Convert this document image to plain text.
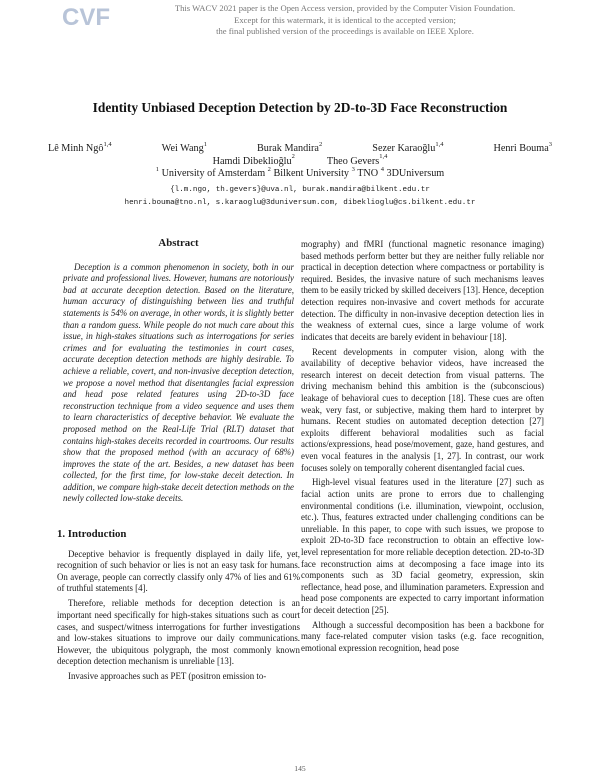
CVF	This WACV 2021 paper is the Open Access version, provided by the Computer Vision Foundation.
Except for this watermark, it is identical to the accepted version;
the final published version of the proceedings is available on IEEE Xplore.
Identity Unbiased Deception Detection by 2D-to-3D Face Reconstruction
Lê Minh Ngô$^{1,4}$	Wei Wang$^1$	Burak Mandira$^2$	Sezer Karaoğlu$^{1,4}$	Henri Bouma$^3$
Hamdi Dibeklioğlu$^2$	Theo Gevers$^{1,4}$
$^1$ University of Amsterdam $^2$ Bilkent University $^3$ TNO $^4$ 3DUniversum
{l.m.ngo, th.gevers}@uva.nl, burak.mandira@bilkent.edu.tr
henri.bouma@tno.nl, s.karaoglu@3duniversum.com, dibeklioglu@cs.bilkent.edu.tr
Abstract

Deception is a common phenomenon in society, both in our private and professional lives. However, humans are notoriously bad at accurate deception detection. Based on the literature, human accuracy of distinguishing between lies and truthful statements is 54% on average, in other words, it is slightly better than a random guess. While people do not much care about this issue, in high-stakes situations such as interrogations for series crimes and for evaluating the testimonies in court cases, accurate deception detection methods are highly desirable. To achieve a reliable, covert, and non-invasive deception detection, we propose a novel method that disentangles facial expression and head pose related features using 2D-to-3D face reconstruction technique from a video sequence and uses them to learn characteristics of deceptive behavior. We evaluate the proposed method on the Real-Life Trial (RLT) dataset that contains high-stakes deceits recorded in courtrooms. Our results show that the proposed method (with an accuracy of 68%) improves the state of the art. Besides, a new dataset has been collected, for the first time, for low-stake deceit detection. In addition, we compare high-stake deceit detection methods on the newly collected low-stake deceits.

1. Introduction

Deceptive behavior is frequently displayed in daily life, yet, recognition of such behavior or lies is not an easy task for humans. On average, people can correctly classify only 47% of lies and 61% of truthful statements [4].

Therefore, reliable methods for deception detection is an important need specifically for high-stakes situations such as court cases, and suspect/witness interrogations for further investigations and low-stakes situations to improve our daily communications. However, the ubiquitous polygraph, the most commonly known deception detection mechanism is unreliable [13].

Invasive approaches such as PET (positron emission to-

mography) and fMRI (functional magnetic resonance imaging) based methods perform better but they are neither fully reliable nor practical in deception detection where compactness or portability is required. Besides, the invasive nature of such mechanisms leaves them to be easily tricked by skilled deceivers [13]. Hence, deception detection requires non-invasive and covert methods for accurate detection. The difficulty in non-invasive deception detection lies in the weakness of external cues, since a large volume of work indicates that deceits are barely evident in behaviour [18].

Recent developments in computer vision, along with the availability of deceptive behavior videos, have increased the research interest on deceit detection from visual patterns. The driving mechanism behind this ambition is the (subconscious) leakage of behavioral cues to deception [18]. These cues are often weak, very fast, or subjective, making them hard to interpret by humans. Recent studies on automated deception detection [27] exploits different behavioral modalities such as facial actions/expressions, head pose/movement, gaze, hand gestures, and even vocal features in the analysis [1, 27]. In contrast, our work focuses solely on temporally coherent disentangled facial cues.

High-level visual features used in the literature [27] such as facial action units are prone to errors due to challenging environmental conditions (i.e. illumination, viewpoint, occlusion, etc.). Thus, features extracted under challenging conditions can be unreliable. In this paper, to cope with such issues, we propose to exploit 2D-to-3D face reconstruction to obtain an effective low-level representation for more reliable deception detection. 2D-to-3D face reconstruction aims at decomposing a face image into its components such as 3D facial geometry, expression, skin reflectance, head pose, and illumination parameters. Expression and head pose components are expected to carry important information for deceit detection [25].

Although a successful decomposition has been a backbone for many face-related computer vision tasks (e.g. face recognition, emotional expression recognition, head pose

145
